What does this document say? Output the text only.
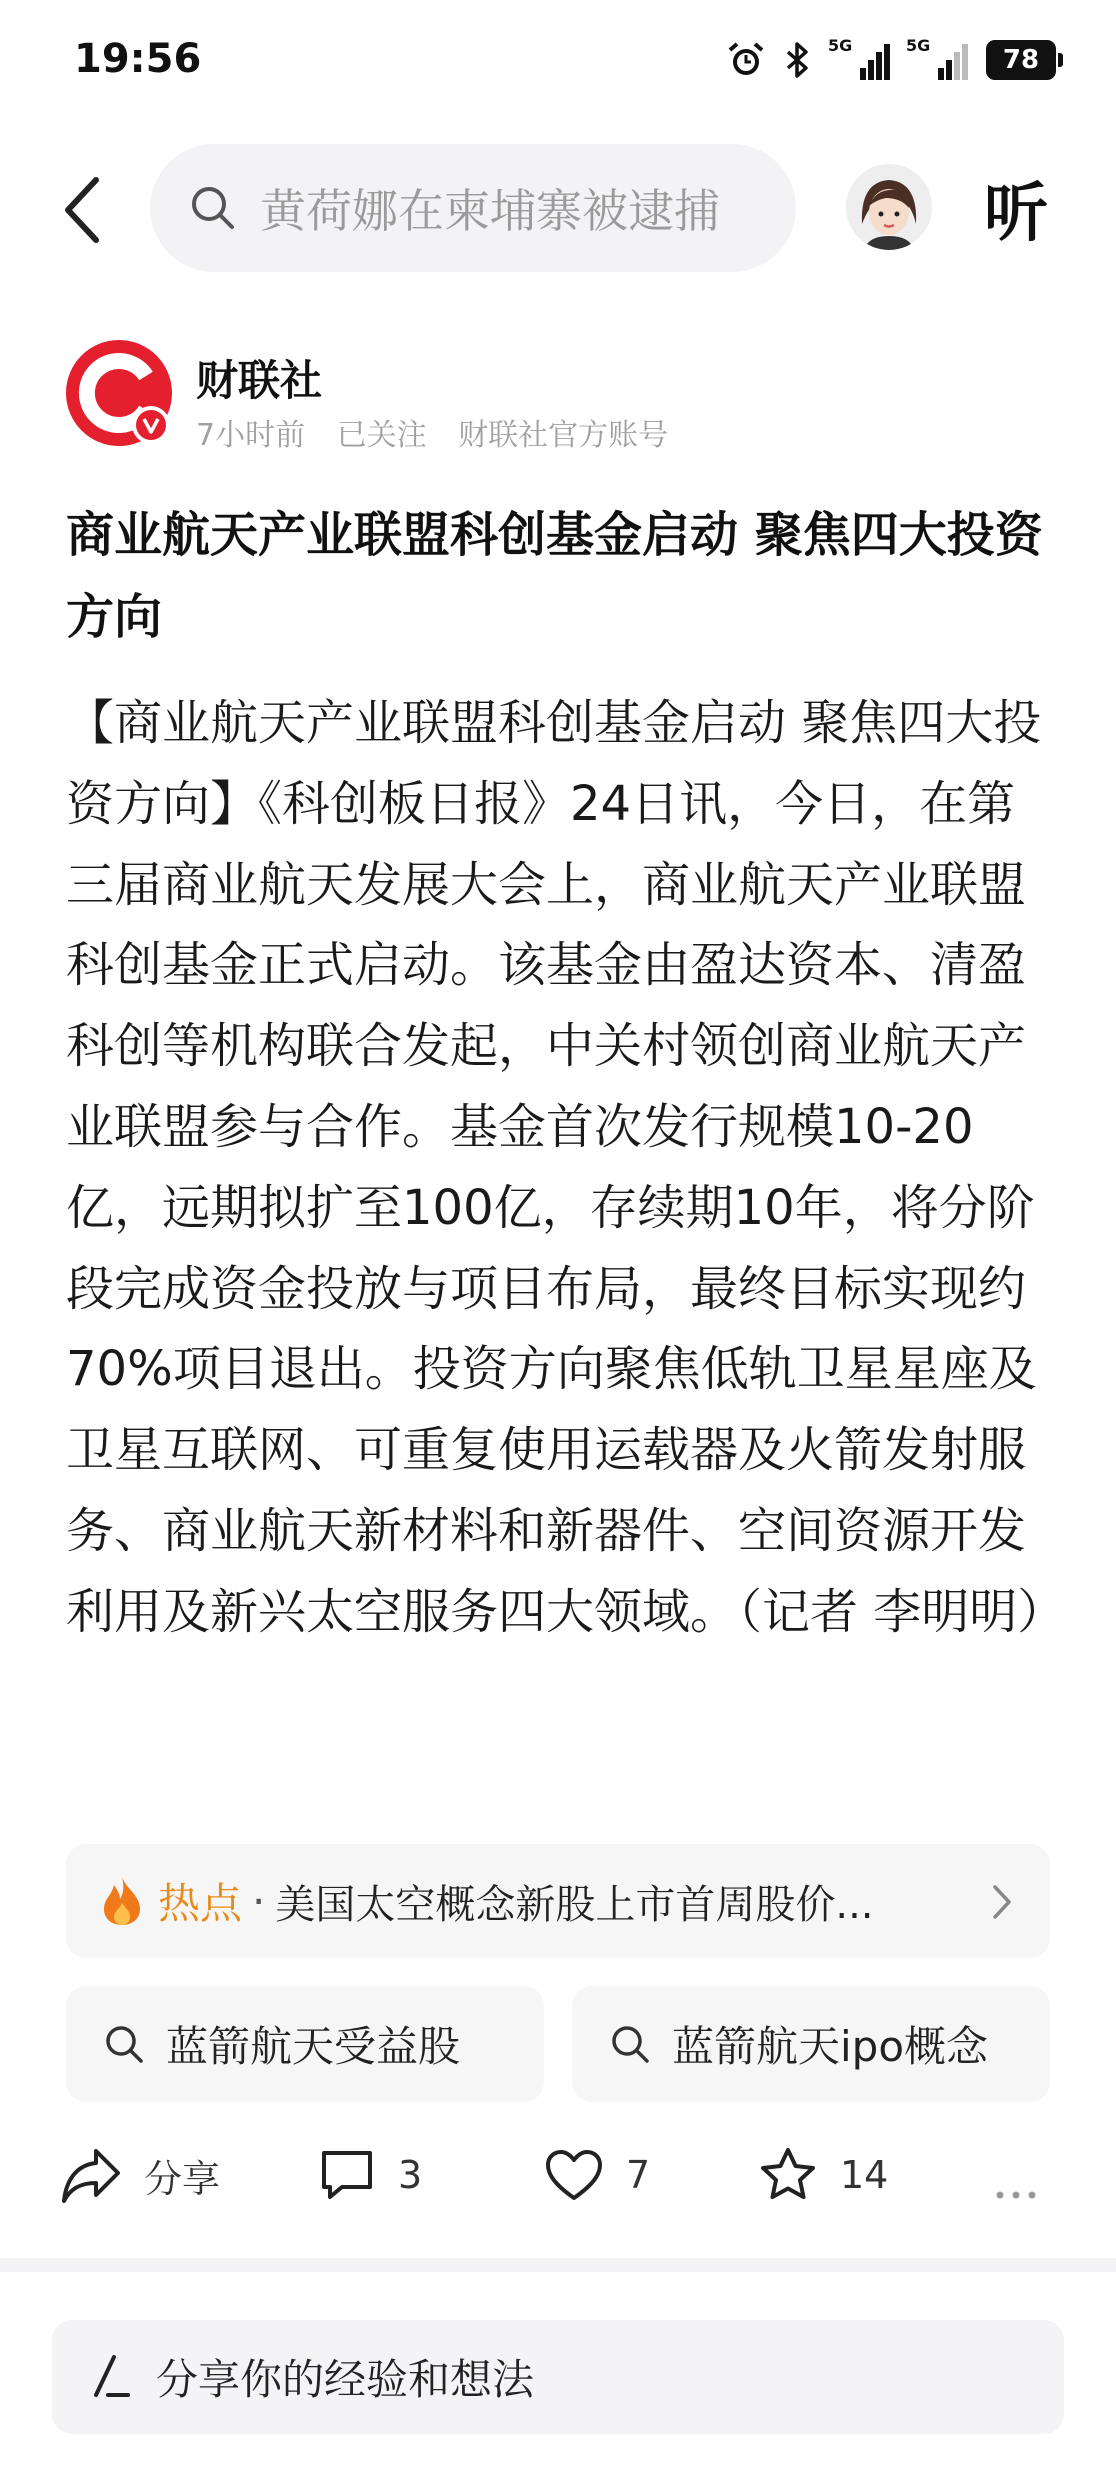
19:56	5G	5G	78
黄荷娜在柬埔寨被逮捕	听
财联社
7小时前 已关注 财联社官方账号
商业航天产业联盟科创基金启动 聚焦四大投资方向
【商业航天产业联盟科创基金启动 聚焦四大投资方向】《科创板日报》24日讯，今日，在第三届商业航天发展大会上，商业航天产业联盟科创基金正式启动。该基金由盈达资本、清盈科创等机构联合发起，中关村领创商业航天产业联盟参与合作。基金首次发行规模10-20亿，远期拟扩至100亿，存续期10年，将分阶段完成资金投放与项目布局，最终目标实现约70%项目退出。投资方向聚焦低轨卫星星座及卫星互联网、可重复使用运载器及火箭发射服务、商业航天新材料和新器件、空间资源开发利用及新兴太空服务四大领域。（记者 李明明）
热点 · 美国太空概念新股上市首周股价...
蓝箭航天受益股	蓝箭航天ipo概念
分享	3	7	14
分享你的经验和想法
